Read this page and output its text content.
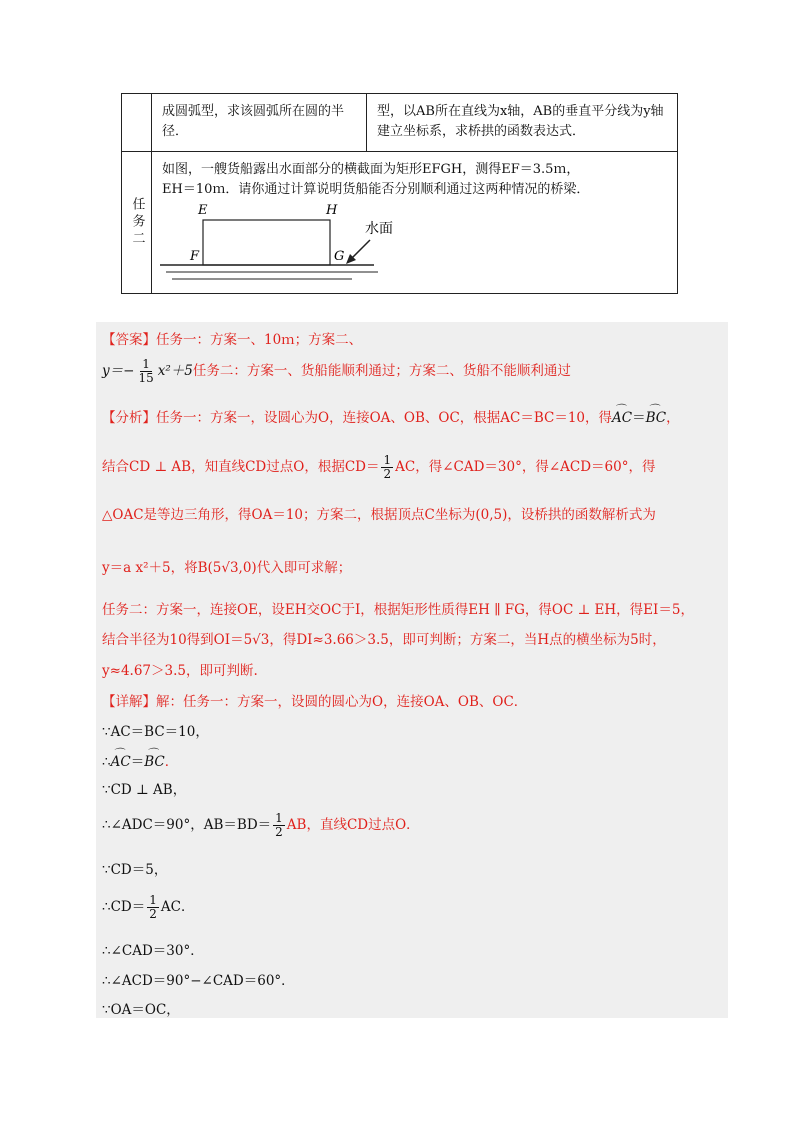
成圆弧型，求该圆弧所在圆的半径．
型，以AB所在直线为x轴，AB的垂直平分线为y轴建立坐标系，求桥拱的函数表达式．
任务二
如图，一艘货船露出水面部分的横截面为矩形EFGH，测得EF＝3.5ｍ，
EH＝10ｍ．请你通过计算说明货船能否分别顺利通过这两种情况的桥梁．
E	H
F	G
水面
【答案】任务一：方案一、10ｍ；方案二、
$y=- \frac{1}{15} x^2+5$任务二：方案一、货船能顺利通过；方案二、货船不能顺利通过
【分析】任务一：方案一，设圆心为O，连接OA、OB、OC，根据AC＝BC＝10，得⌒ AC＝⌒ BC，
结合CD ⊥ AB，知直线CD过点O，根据$CD= \frac{1}{2}$ AC，得∠CAD＝30°，得∠ACD＝60°，得
△OAC是等边三角形，得OA＝10；方案二，根据顶点C坐标为(0,5)，设桥拱的函数解析式为
y＝a x²＋5，将B(5√3,0)代入即可求解；
任务二：方案一，连接OE，设EH交OC于I，根据矩形性质得EH ∥ FG，得OC ⊥ EH，得EI＝5，
结合半径为10得到OI＝5√3，得DI≈3.66＞3.5，即可判断；方案二，当H点的横坐标为5时，
y≈4.67＞3.5，即可判断.
【详解】解：任务一：方案一，设圆的圆心为O，连接OA、OB、OC．
∵AC＝BC＝10，
∴⌒ AC＝⌒ BC．
∵CD ⊥ AB，
∴∠ADC＝90°，$AB=BD= \frac{1}{2}$ AB，直线CD过点O．
∵CD＝5，
∴CD＝ $\frac{1}{2}$ AC．
∴∠CAD＝30°．
∴∠ACD＝90°−∠CAD＝60°．
∵OA＝OC，
